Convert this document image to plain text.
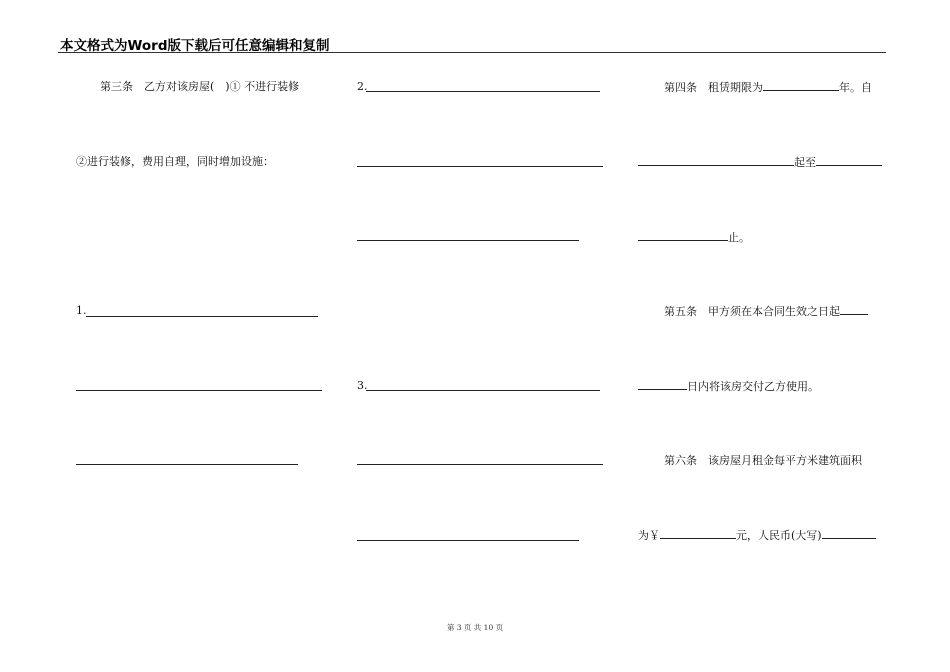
本文格式为Word版下载后可任意编辑和复制
第三条　乙方对该房屋(　)① 不进行装修
②进行装修，费用自理，同时增加设施：
1.
2.
3.
第四条　租赁期限为	年。自
起至
止。
第五条　甲方须在本合同生效之日起
日内将该房交付乙方使用。
第六条　该房屋月租金每平方米建筑面积
为￥	元，人民币(大写)
第 3 页 共 10 页
